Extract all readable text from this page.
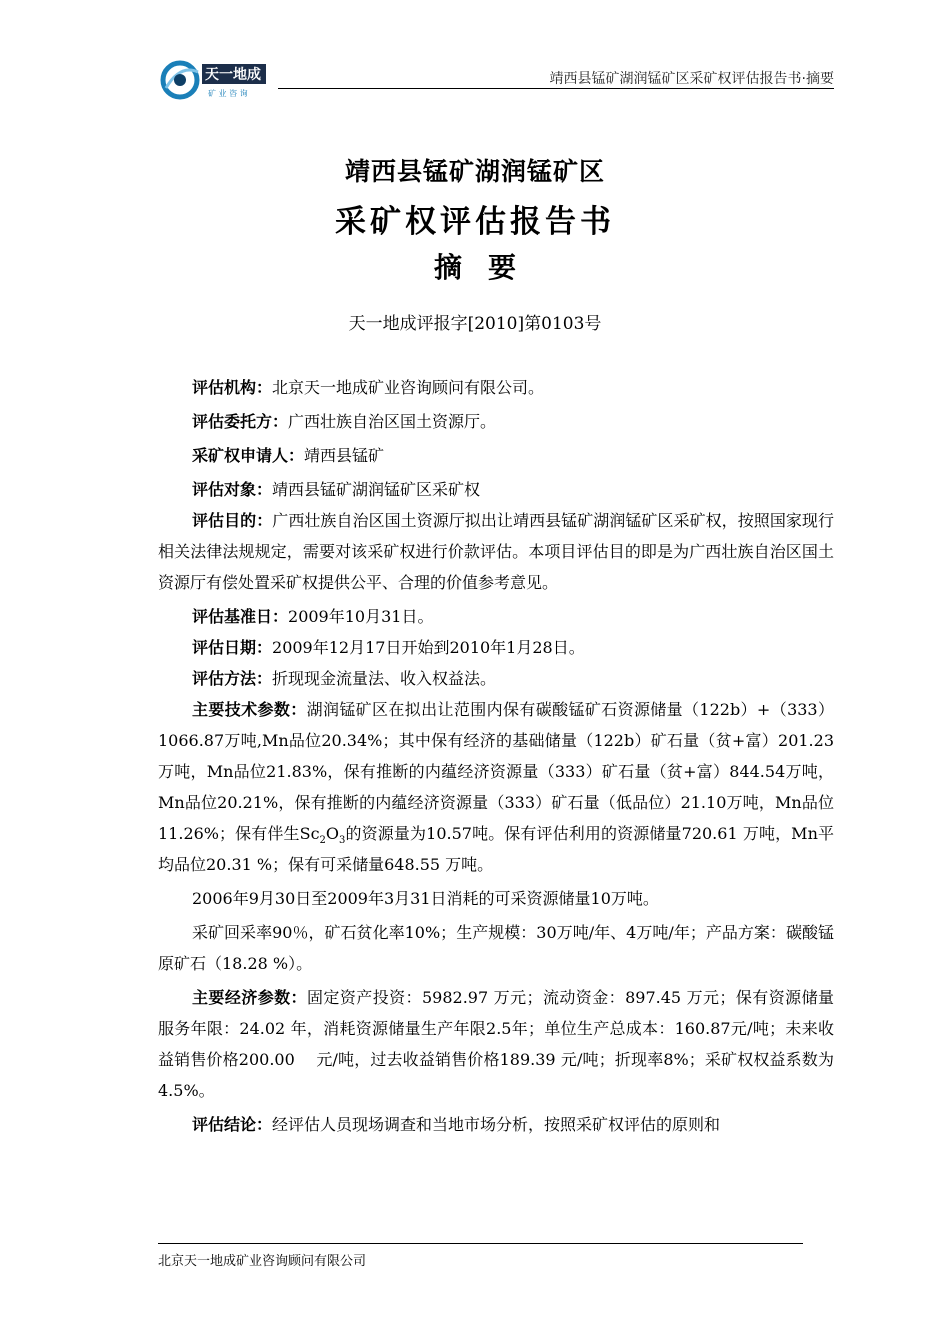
天一地成
矿 业 咨 询
靖西县锰矿湖润锰矿区采矿权评估报告书·摘要
靖西县锰矿湖润锰矿区
采矿权评估报告书
摘要
天一地成评报字[2010]第0103号

评估机构：北京天一地成矿业咨询顾问有限公司。

评估委托方：广西壮族自治区国土资源厅。

采矿权申请人：靖西县锰矿

评估对象：靖西县锰矿湖润锰矿区采矿权

评估目的：广西壮族自治区国土资源厅拟出让靖西县锰矿湖润锰矿区采矿权，按照国家现行相关法律法规规定，需要对该采矿权进行价款评估。本项目评估目的即是为广西壮族自治区国土资源厅有偿处置采矿权提供公平、合理的价值参考意见。

评估基准日：2009年10月31日。

评估日期：2009年12月17日开始到2010年1月28日。

评估方法：折现现金流量法、收入权益法。

主要技术参数：湖润锰矿区在拟出让范围内保有碳酸锰矿石资源储量（122b）+（333）1066.87万吨,Mn品位20.34%；其中保有经济的基础储量（122b）矿石量（贫+富）201.23万吨，Mn品位21.83%，保有推断的内蕴经济资源量（333）矿石量（贫+富）844.54万吨，Mn品位20.21%，保有推断的内蕴经济资源量（333）矿石量（低品位）21.10万吨，Mn品位11.26%；保有伴生$Sc_2O_3$的资源量为10.57吨。保有评估利用的资源储量720.61 万吨，Mn平均品位20.31 %；保有可采储量648.55 万吨。

2006年9月30日至2009年3月31日消耗的可采资源储量10万吨。

采矿回采率90％，矿石贫化率10%；生产规模：30万吨/年、4万吨/年；产品方案：碳酸锰原矿石（18.28 %）。

主要经济参数：固定资产投资：5982.97 万元；流动资金：897.45 万元；保有资源储量服务年限：24.02 年，消耗资源储量生产年限2.5年；单位生产总成本：160.87元/吨；未来收益销售价格200.00　 元/吨，过去收益销售价格189.39 元/吨；折现率8%；采矿权权益系数为4.5%。

评估结论：经评估人员现场调查和当地市场分析，按照采矿权评估的原则和

北京天一地成矿业咨询顾问有限公司
